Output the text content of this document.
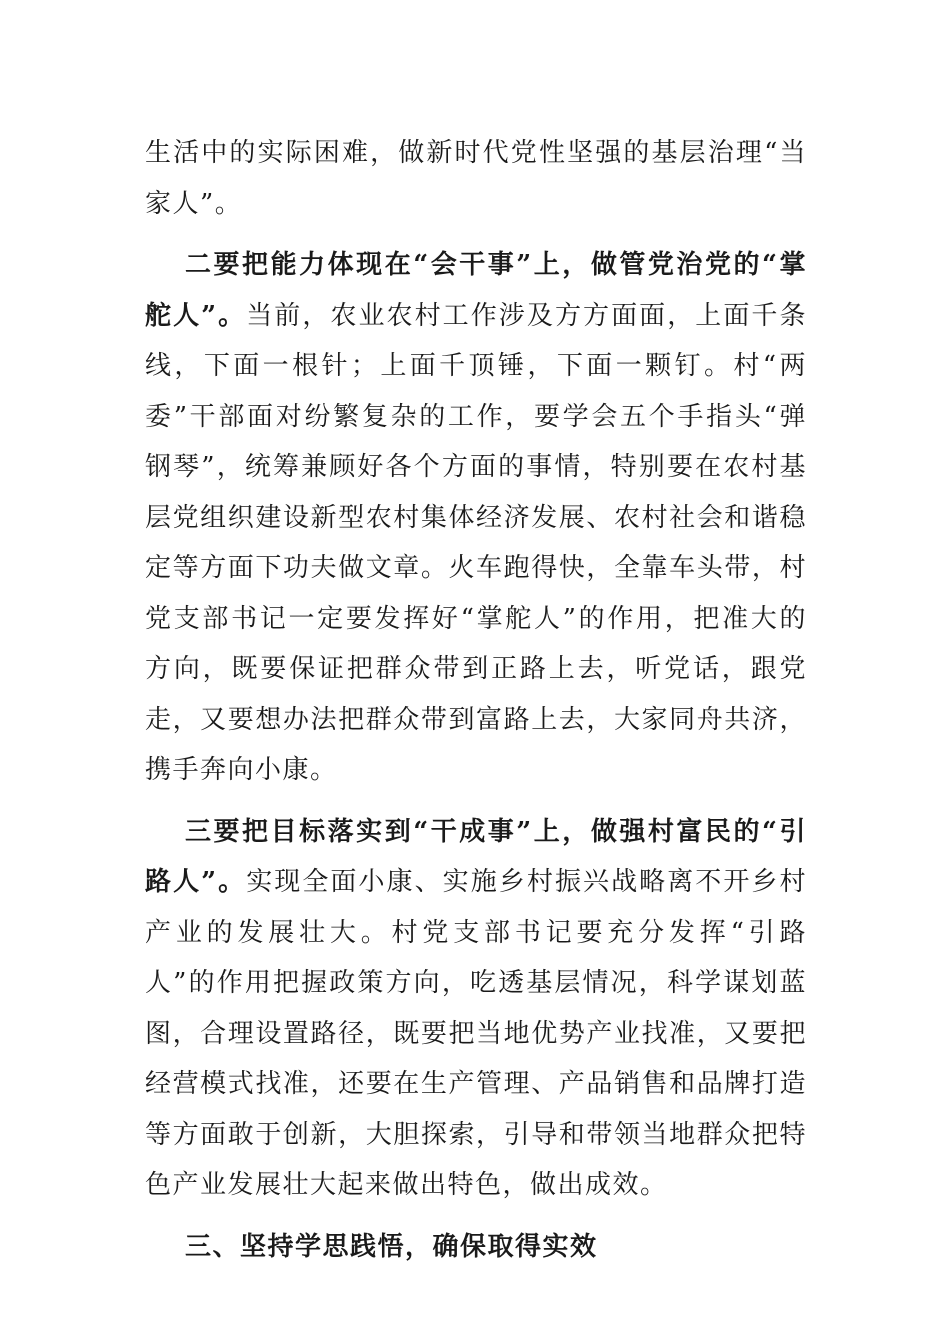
生活中的实际困难，做新时代党性坚强的基层治理“当家人”。

二要把能力体现在“会干事”上，做管党治党的“掌舵人”。当前，农业农村工作涉及方方面面，上面千条线，下面一根针；上面千顶锤，下面一颗钉。村“两委”干部面对纷繁复杂的工作，要学会五个手指头“弹钢琴”，统筹兼顾好各个方面的事情，特别要在农村基层党组织建设新型农村集体经济发展、农村社会和谐稳定等方面下功夫做文章。火车跑得快，全靠车头带，村党支部书记一定要发挥好“掌舵人”的作用，把准大的方向，既要保证把群众带到正路上去，听党话，跟党走，又要想办法把群众带到富路上去，大家同舟共济，携手奔向小康。

三要把目标落实到“干成事”上，做强村富民的“引路人”。实现全面小康、实施乡村振兴战略离不开乡村产业的发展壮大。村党支部书记要充分发挥“引路人”的作用把握政策方向，吃透基层情况，科学谋划蓝图，合理设置路径，既要把当地优势产业找准，又要把经营模式找准，还要在生产管理、产品销售和品牌打造等方面敢于创新，大胆探索，引导和带领当地群众把特色产业发展壮大起来做出特色，做出成效。

三、坚持学思践悟，确保取得实效
